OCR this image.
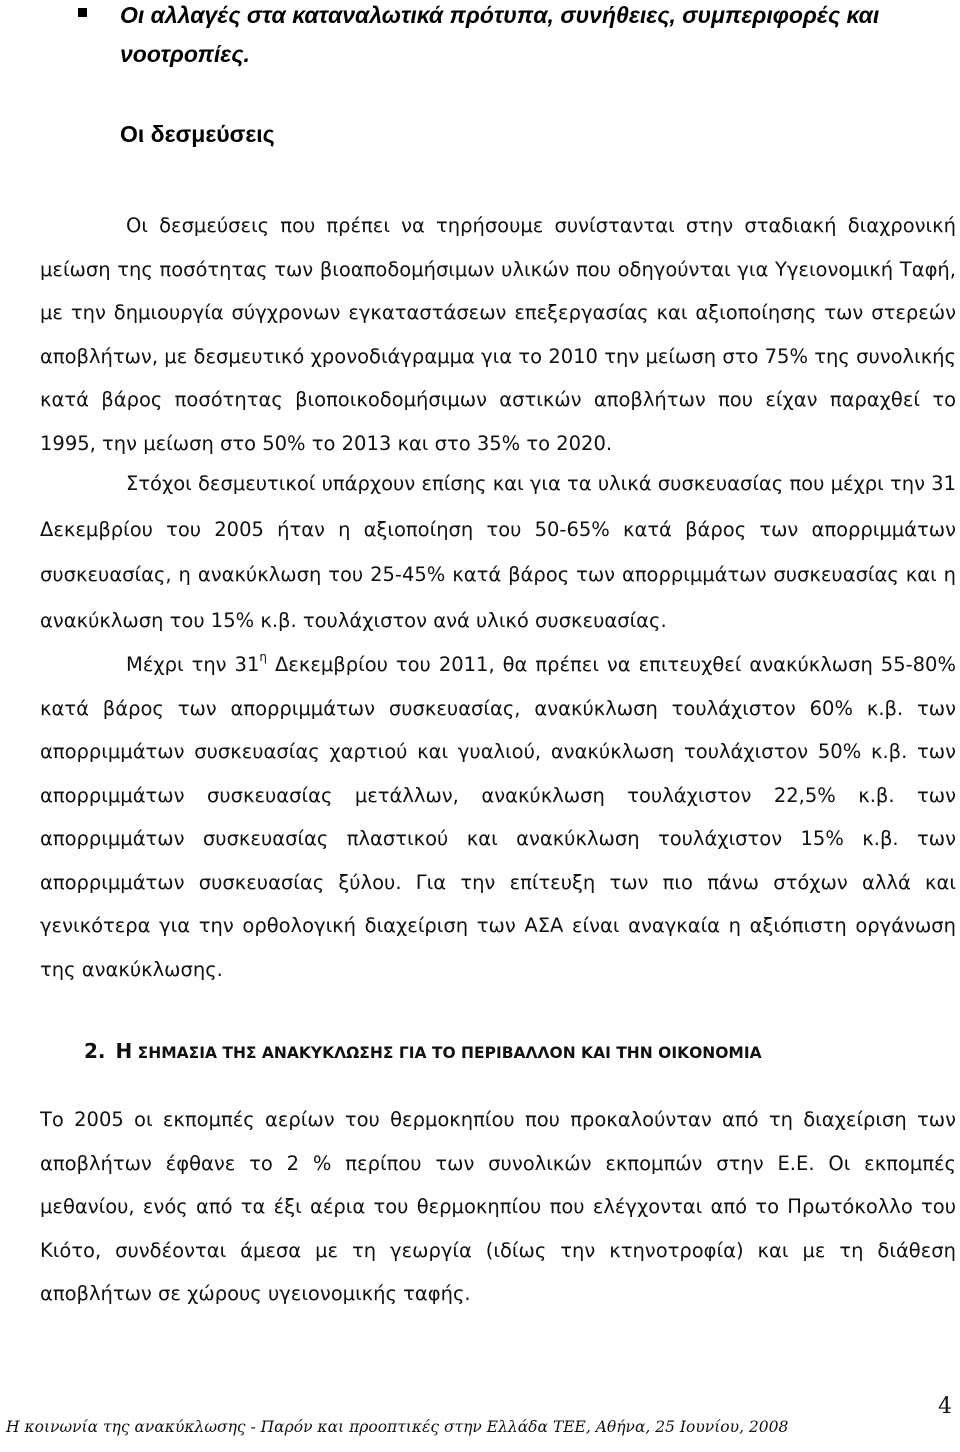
Οι αλλαγές στα καταναλωτικά πρότυπα, συνήθειες, συμπεριφορές και νοοτροπίες.
Οι δεσμεύσεις

Οι δεσμεύσεις που πρέπει να τηρήσουμε συνίστανται στην σταδιακή διαχρονική μείωση της ποσότητας των βιοαποδομήσιμων υλικών που οδηγούνται για Υγειονομική Ταφή, με την δημιουργία σύγχρονων εγκαταστάσεων επεξεργασίας και αξιοποίησης των στερεών αποβλήτων, με δεσμευτικό χρονοδιάγραμμα για το 2010 την μείωση στο 75% της συνολικής κατά βάρος ποσότητας βιοποικοδομήσιμων αστικών αποβλήτων που είχαν παραχθεί το 1995, την μείωση στο 50% το 2013 και στο 35% το 2020.

Στόχοι δεσμευτικοί υπάρχουν επίσης και για τα υλικά συσκευασίας που μέχρι την 31 Δεκεμβρίου του 2005 ήταν η αξιοποίηση του 50-65% κατά βάρος των απορριμμάτων συσκευασίας, η ανακύκλωση του 25-45% κατά βάρος των απορριμμάτων συσκευασίας και η ανακύκλωση του 15% κ.β. τουλάχιστον ανά υλικό συσκευασίας.

Μέχρι την $31^\eta$ Δεκεμβρίου του 2011, θα πρέπει να επιτευχθεί ανακύκλωση 55-80% κατά βάρος των απορριμμάτων συσκευασίας, ανακύκλωση τουλάχιστον 60% κ.β. των απορριμμάτων συσκευασίας χαρτιού και γυαλιού, ανακύκλωση τουλάχιστον 50% κ.β. των απορριμμάτων συσκευασίας μετάλλων, ανακύκλωση τουλάχιστον 22,5% κ.β. των απορριμμάτων συσκευασίας πλαστικού και ανακύκλωση τουλάχιστον 15% κ.β. των απορριμμάτων συσκευασίας ξύλου. Για την επίτευξη των πιο πάνω στόχων αλλά και γενικότερα για την ορθολογική διαχείριση των ΑΣΑ είναι αναγκαία η αξιόπιστη οργάνωση της ανακύκλωσης.

2. Η ΣΗΜΑΣΙΑ ΤΗΣ ΑΝΑΚΥΚΛΩΣΗΣ ΓΙΑ ΤΟ ΠΕΡΙΒΑΛΛΟΝ ΚΑΙ ΤΗΝ ΟΙΚΟΝΟΜΙΑ

Το 2005 οι εκπομπές αερίων του θερμοκηπίου που προκαλούνταν από τη διαχείριση των αποβλήτων έφθανε το 2 % περίπου των συνολικών εκπομπών στην Ε.Ε. Οι εκπομπές μεθανίου, ενός από τα έξι αέρια του θερμοκηπίου που ελέγχονται από το Πρωτόκολλο του Κιότο, συνδέονται άμεσα με τη γεωργία (ιδίως την κτηνοτροφία) και με τη διάθεση αποβλήτων σε χώρους υγειονομικής ταφής.

Η κοινωνία της ανακύκλωσης - Παρόν και προοπτικές στην Ελλάδα ΤΕΕ, Αθήνα, 25 Ιουνίου, 2008
4
